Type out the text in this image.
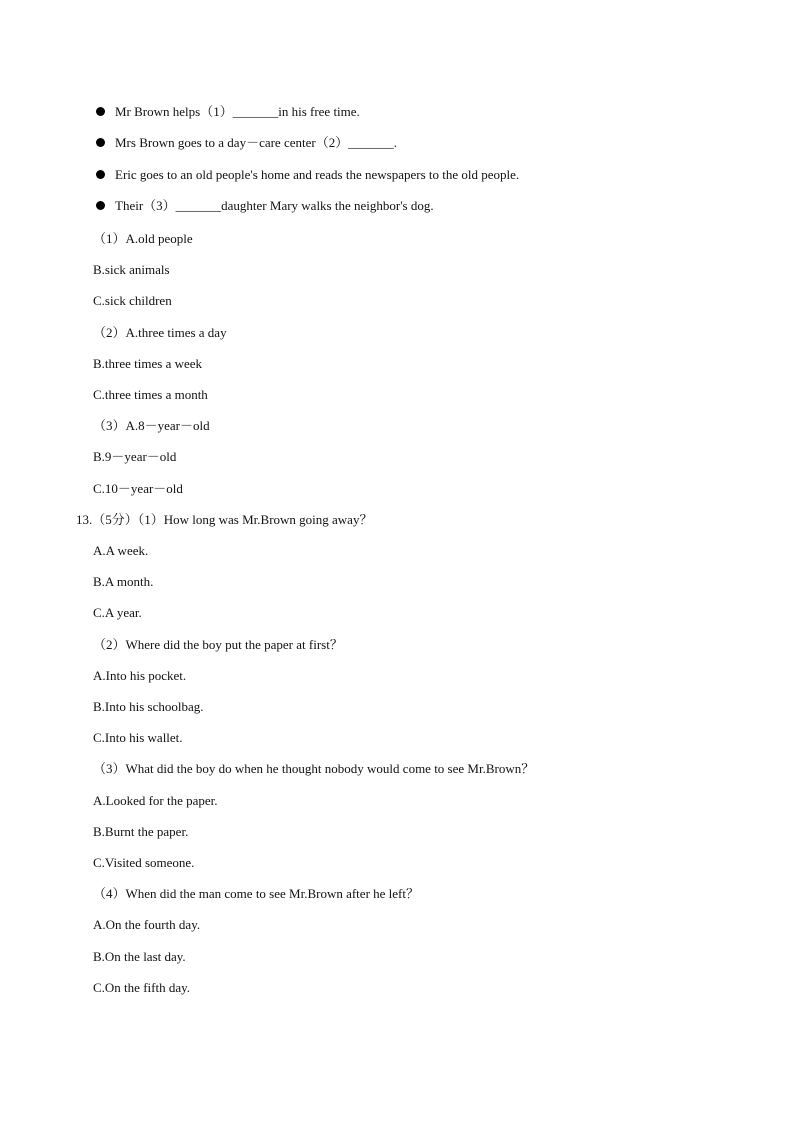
Mr Brown helps（1）_______in his free time.
Mrs Brown goes to a day－care center（2）_______.
Eric goes to an old people's home and reads the newspapers to the old people.
Their（3）_______daughter Mary walks the neighbor's dog.
（1）A.old people
B.sick animals
C.sick children
（2）A.three times a day
B.three times a week
C.three times a month
（3）A.8－year－old
B.9－year－old
C.10－year－old
13.（5分）（1）How long was Mr.Brown going away？
A.A week.
B.A month.
C.A year.
（2）Where did the boy put the paper at first？
A.Into his pocket.
B.Into his schoolbag.
C.Into his wallet.
（3）What did the boy do when he thought nobody would come to see Mr.Brown？
A.Looked for the paper.
B.Burnt the paper.
C.Visited someone.
（4）When did the man come to see Mr.Brown after he left？
A.On the fourth day.
B.On the last day.
C.On the fifth day.
